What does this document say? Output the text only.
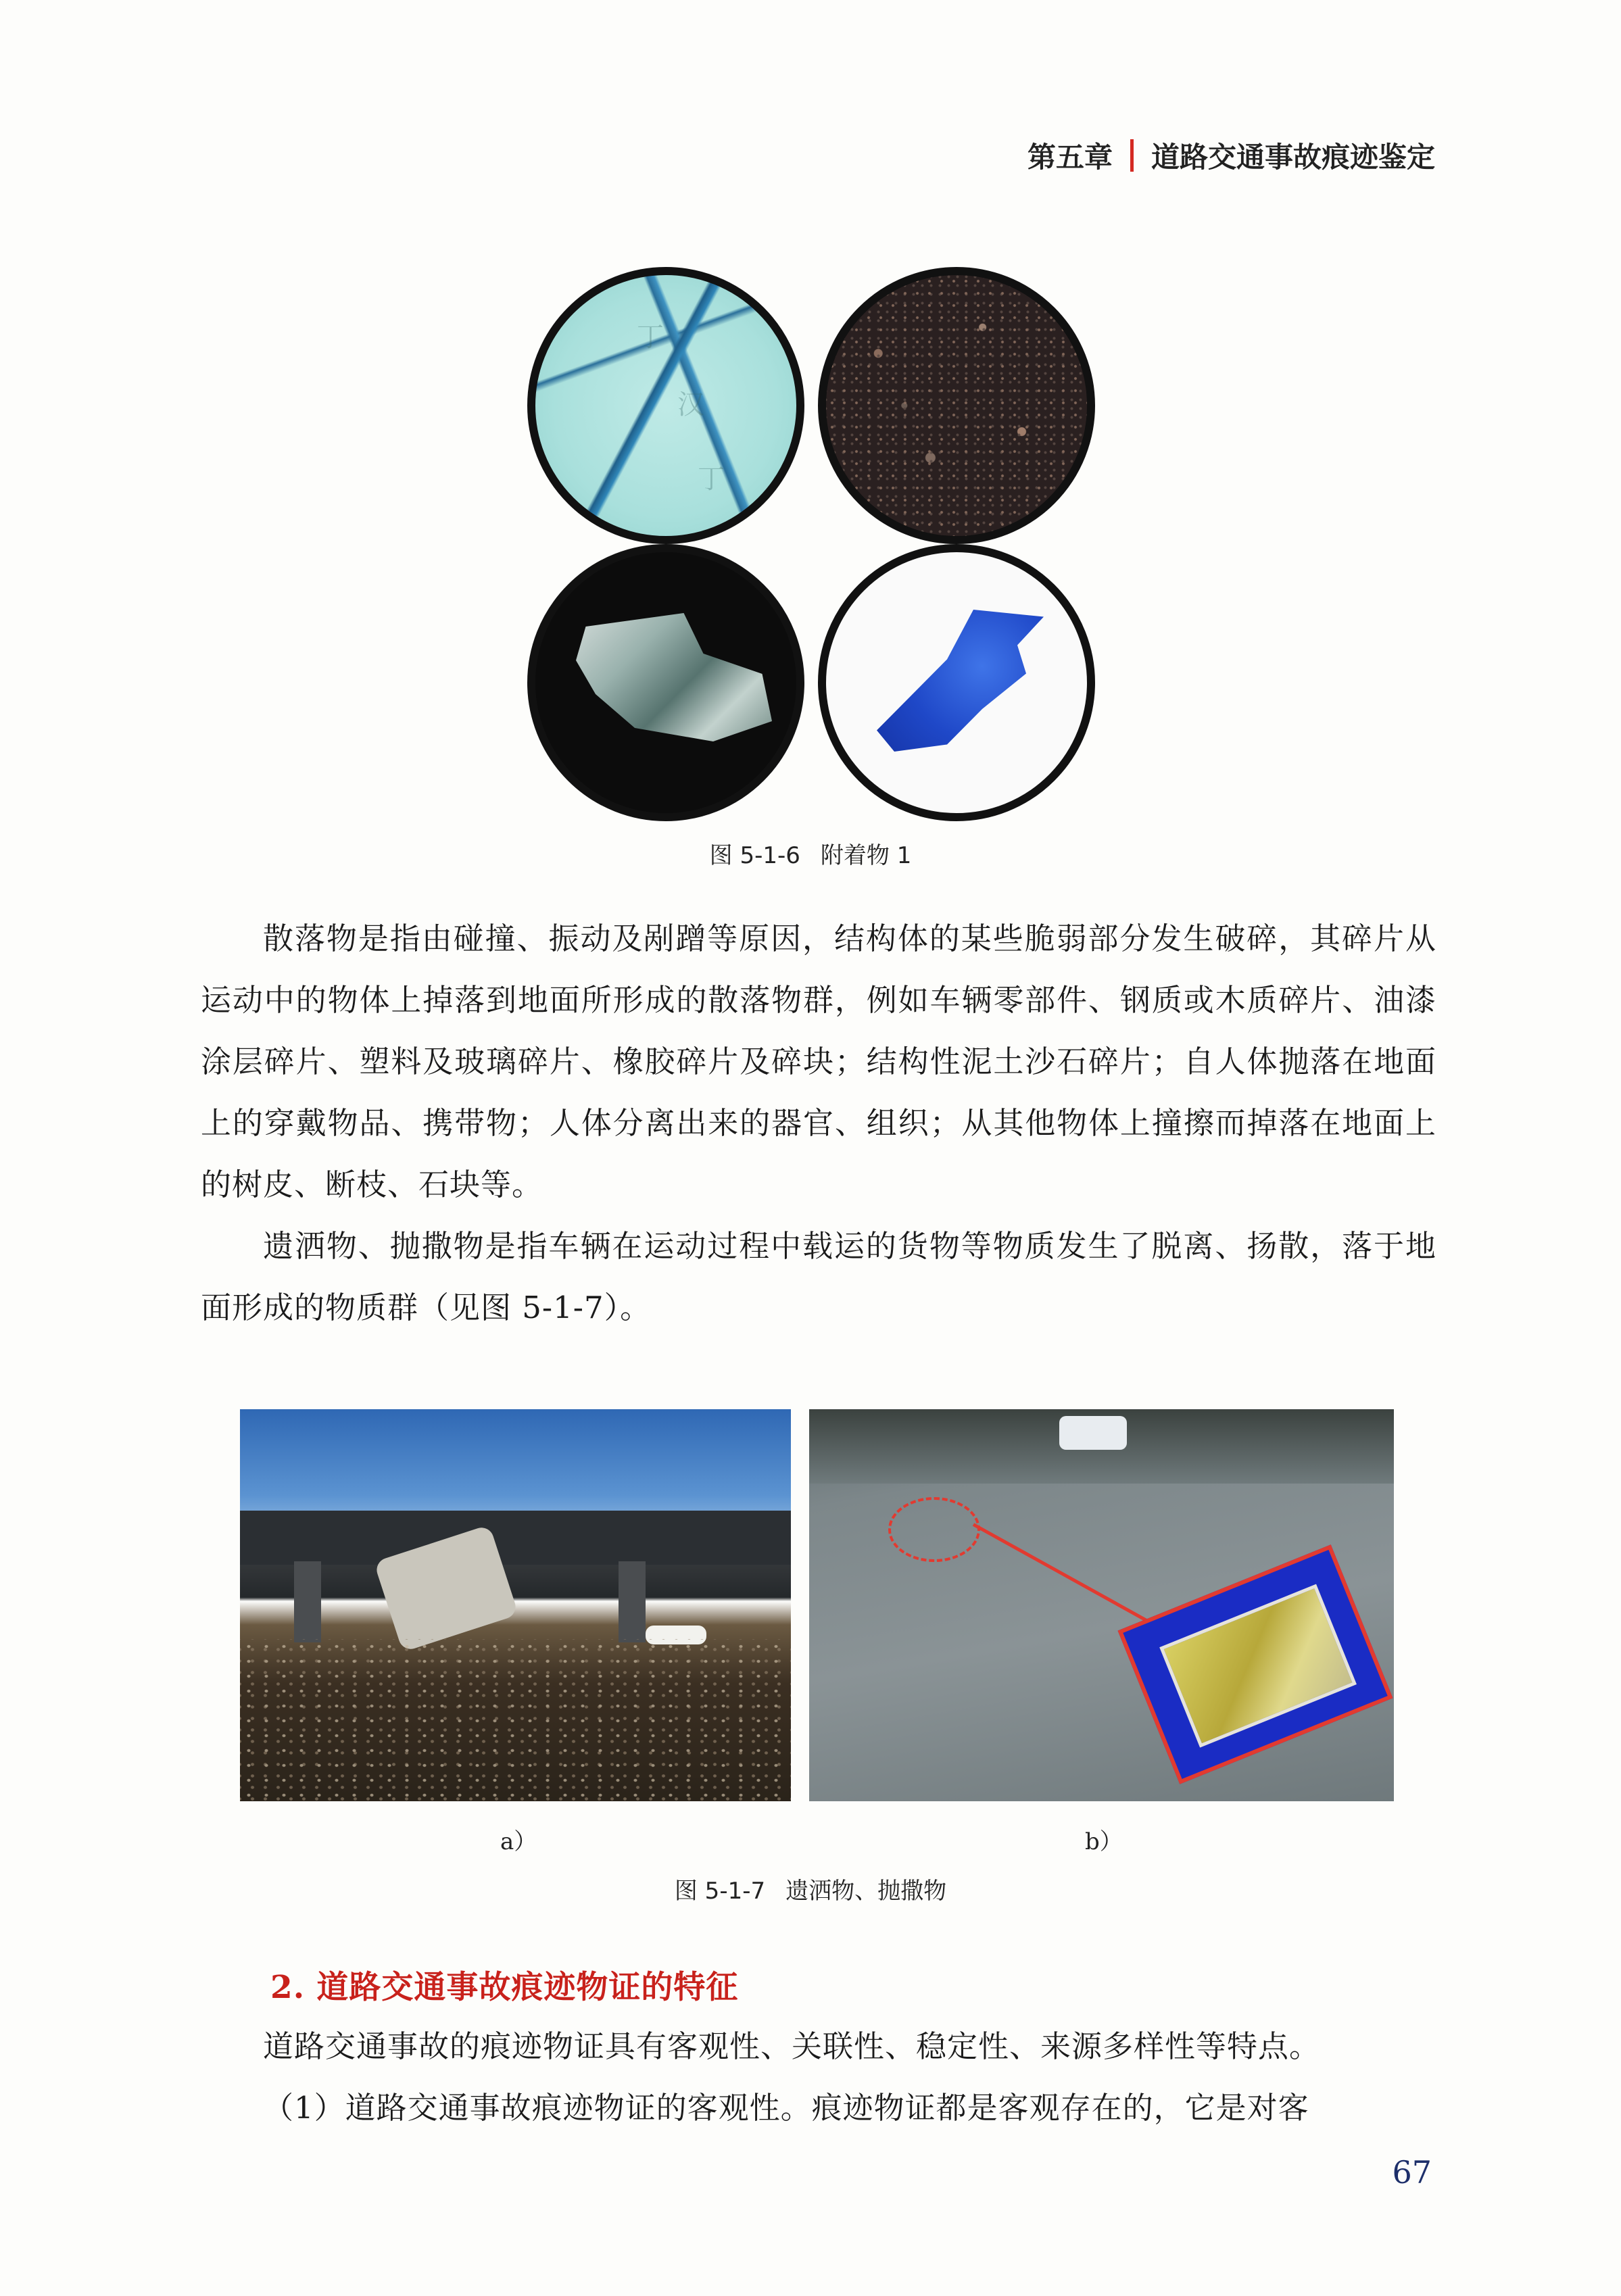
第五章 道路交通事故痕迹鉴定
丁
汉
丁
图 5-1-6 附着物 1

散落物是指由碰撞、振动及剐蹭等原因，结构体的某些脆弱部分发生破碎，其碎片从运动中的物体上掉落到地面所形成的散落物群，例如车辆零部件、钢质或木质碎片、油漆涂层碎片、塑料及玻璃碎片、橡胶碎片及碎块；结构性泥土沙石碎片；自人体抛落在地面上的穿戴物品、携带物；人体分离出来的器官、组织；从其他物体上撞擦而掉落在地面上的树皮、断枝、石块等。

遗洒物、抛撒物是指车辆在运动过程中载运的货物等物质发生了脱离、扬散，落于地面形成的物质群（见图 5-1-7）。

a）	b）
图 5-1-7 遗洒物、抛撒物
2. 道路交通事故痕迹物证的特征

道路交通事故的痕迹物证具有客观性、关联性、稳定性、来源多样性等特点。

（1）道路交通事故痕迹物证的客观性。痕迹物证都是客观存在的，它是对客

67
